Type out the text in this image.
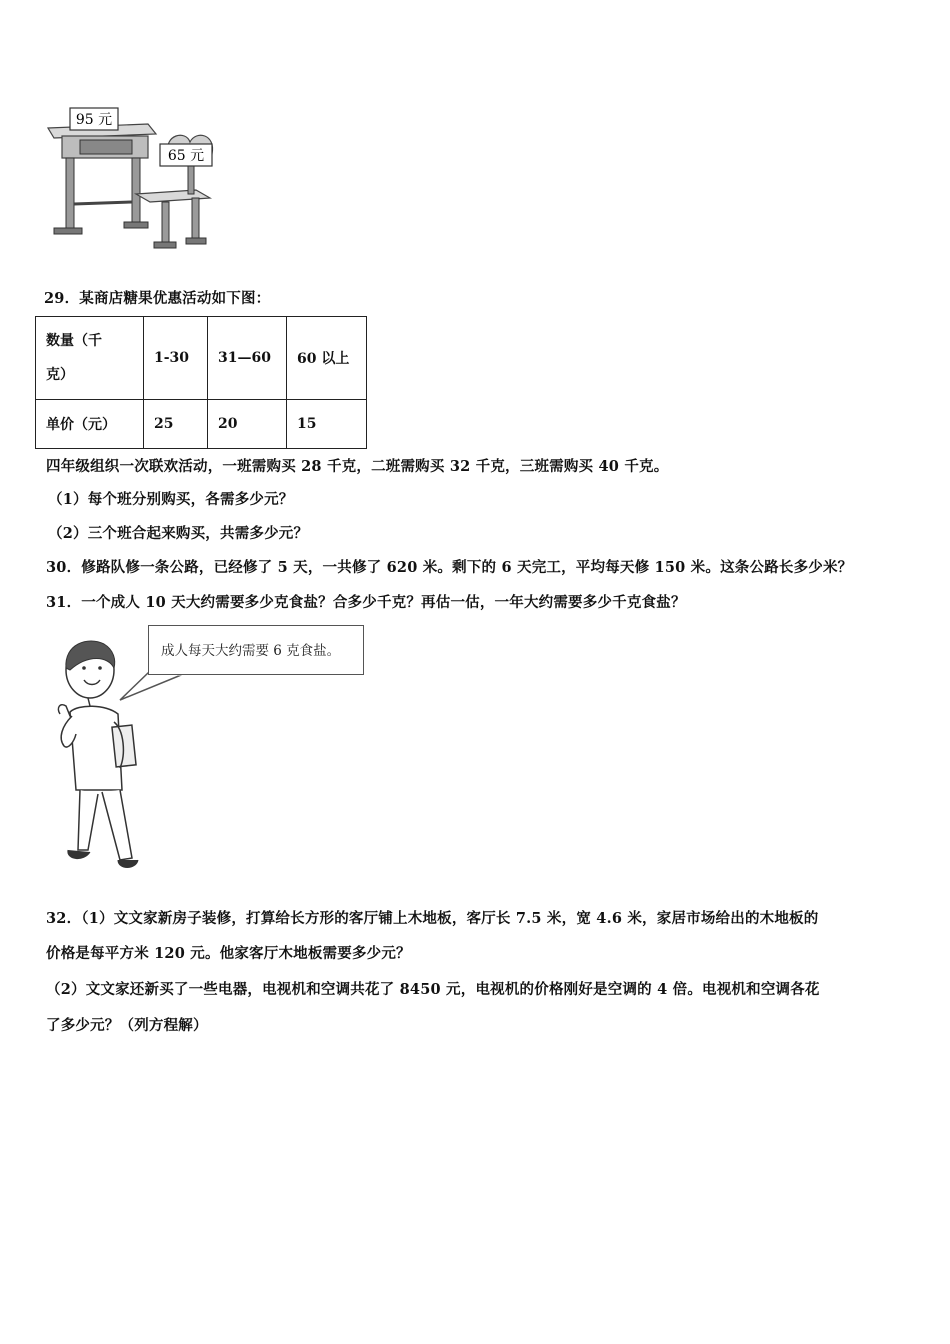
95 元
65 元
29．某商店糖果优惠活动如下图：
数量（千
克）	1-30	31—60	60 以上
单价（元）	25	20	15
四年级组织一次联欢活动，一班需购买 28 千克，二班需购买 32 千克，三班需购买 40 千克。
（1）每个班分别购买，各需多少元？
（2）三个班合起来购买，共需多少元？
30．修路队修一条公路，已经修了 5 天，一共修了 620 米。剩下的 6 天完工，平均每天修 150 米。这条公路长多少米？
31．一个成人 10 天大约需要多少克食盐？合多少千克？再估一估，一年大约需要多少千克食盐？
成人每天大约需要 6 克食盐。
32．（1）文文家新房子装修，打算给长方形的客厅铺上木地板，客厅长 7.5 米，宽 4.6 米，家居市场给出的木地板的
价格是每平方米 120 元。他家客厅木地板需要多少元？
（2）文文家还新买了一些电器，电视机和空调共花了 8450 元，电视机的价格刚好是空调的 4 倍。电视机和空调各花
了多少元？（列方程解）
